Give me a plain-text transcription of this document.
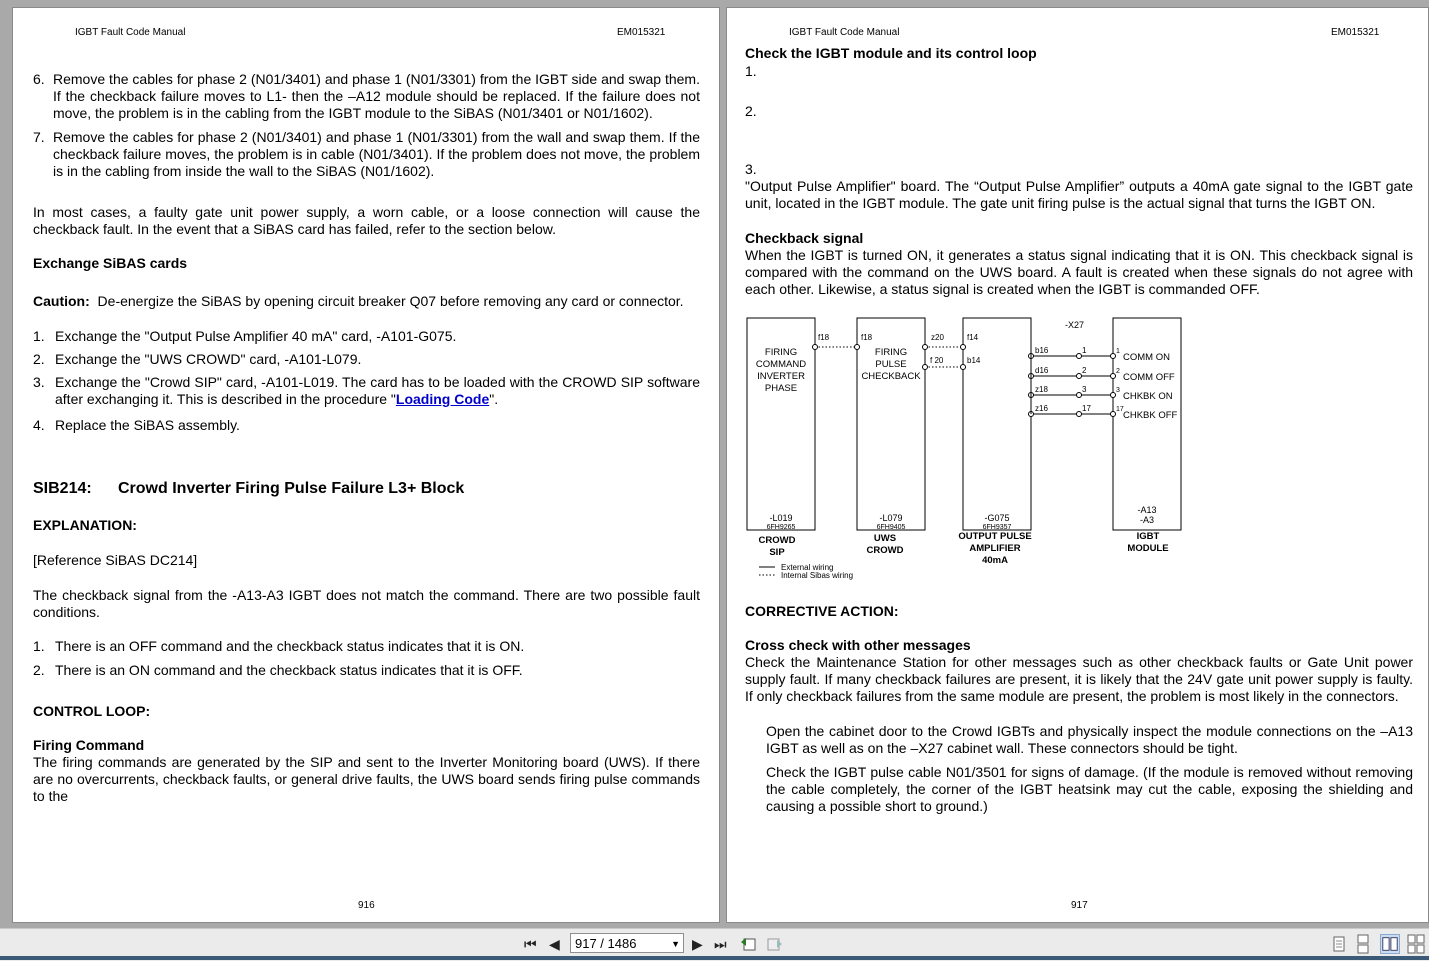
IGBT Fault Code Manual	EM015321
6. Remove the cables for phase 2 (N01/3401) and phase 1 (N01/3301) from the IGBT side and swap them. If the checkback failure moves to L1- then the –A12 module should be replaced. If the failure does not move, the problem is in the cabling from the IGBT module to the SiBAS (N01/3401 or N01/1602).
7. Remove the cables for phase 2 (N01/3401) and phase 1 (N01/3301) from the wall and swap them. If the checkback failure moves, the problem is in cable (N01/3401). If the problem does not move, the problem is in the cabling from inside the wall to the SiBAS (N01/1602).
In most cases, a faulty gate unit power supply, a worn cable, or a loose connection will cause the checkback fault. In the event that a SiBAS card has failed, refer to the section below.
Exchange SiBAS cards
Caution: De-energize the SiBAS by opening circuit breaker Q07 before removing any card or connector.
1. Exchange the "Output Pulse Amplifier 40 mA" card, -A101-G075.
2. Exchange the "UWS CROWD" card, -A101-L079.
3. Exchange the "Crowd SIP" card, -A101-L019. The card has to be loaded with the CROWD SIP software after exchanging it. This is described in the procedure "Loading Code".
4. Replace the SiBAS assembly.
SIB214: Crowd Inverter Firing Pulse Failure L3+ Block
EXPLANATION:
[Reference SiBAS DC214]
The checkback signal from the -A13-A3 IGBT does not match the command. There are two possible fault conditions.
1. There is an OFF command and the checkback status indicates that it is ON.
2. There is an ON command and the checkback status indicates that it is OFF.
CONTROL LOOP:
Firing Command
The firing commands are generated by the SIP and sent to the Inverter Monitoring board (UWS). If there are no overcurrents, checkback faults, or general drive faults, the UWS board sends firing pulse commands to the
916
IGBT Fault Code Manual	EM015321
Check the IGBT module and its control loop
1.
2.
3.
"Output Pulse Amplifier" board. The “Output Pulse Amplifier” outputs a 40mA gate signal to the IGBT gate unit, located in the IGBT module. The gate unit firing pulse is the actual signal that turns the IGBT ON.
Checkback signal
When the IGBT is turned ON, it generates a status signal indicating that it is ON. This checkback signal is compared with the command on the UWS board. A fault is created when these signals do not agree with each other. Likewise, a status signal is created when the IGBT is commanded OFF.
FIRING
COMMAND
INVERTER
PHASE
FIRING
PULSE
CHECKBACK
-L019
6FH9265
-L079
6FH9405
-G075
6FH9357
-A13
-A3
CROWD
SIP
UWS
CROWD
OUTPUT PULSE
AMPLIFIER
40mA
IGBT
MODULE
f18	f18	z20
f 20
f14
b14
-X27
b16	1	1
COMM ON
d16	2	2
COMM OFF
z18	3	3
CHKBK ON
z16	17	17
CHKBK OFF
External wiring
Internal Sibas wiring
CORRECTIVE ACTION:
Cross check with other messages
Check the Maintenance Station for other messages such as other checkback faults or Gate Unit power supply fault. If many checkback failures are present, it is likely that the 24V gate unit power supply is faulty. If only checkback failures from the same module are present, the problem is most likely in the connectors.
Open the cabinet door to the Crowd IGBTs and physically inspect the module connections on the –A13 IGBT as well as on the –X27 cabinet wall. These connectors should be tight.
Check the IGBT pulse cable N01/3501 for signs of damage. (If the module is removed without removing the cable completely, the corner of the IGBT heatsink may cut the cable, exposing the shielding and causing a possible short to ground.)
917
⏮ ◀	917 / 1486	▼ ▶ ⏭
